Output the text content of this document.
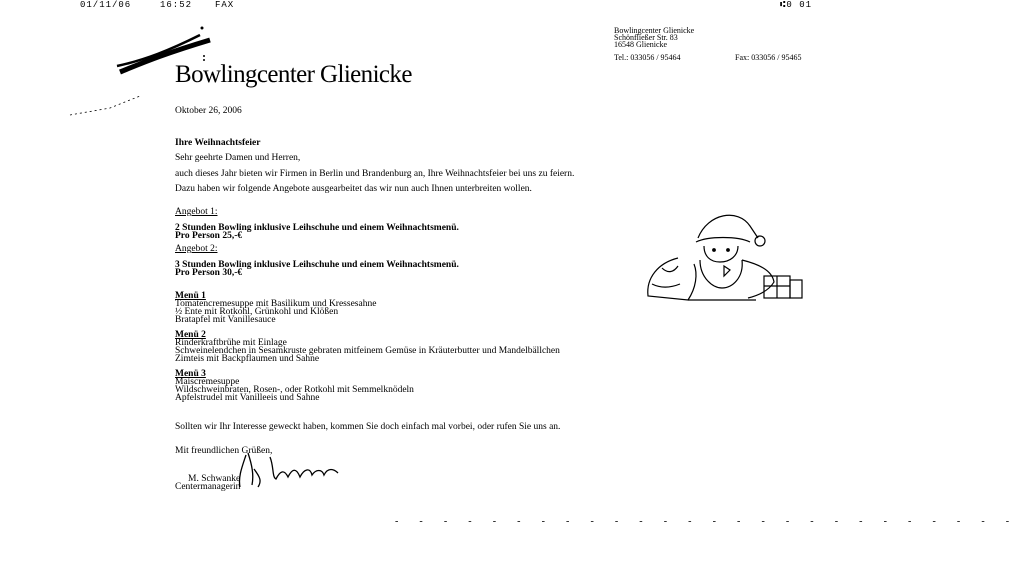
01/11/06	16:52	FAX	⑆0 01
Bowlingcenter Glienicke
Schönfließer Str. 83
16548 Glienicke
Tel.: 033056 / 95464	Fax: 033056 / 95465
Bowlingcenter Glienicke
Oktober 26, 2006
Ihre Weihnachtsfeier
Sehr geehrte Damen und Herren,
auch dieses Jahr bieten wir Firmen in Berlin und Brandenburg an, Ihre Weihnachtsfeier bei uns zu feiern.
Dazu haben wir folgende Angebote ausgearbeitet das wir nun auch Ihnen unterbreiten wollen.
Angebot 1:
2 Stunden Bowling inklusive Leihschuhe und einem Weihnachtsmenü.
Pro Person 25,-€
Angebot 2:
3 Stunden Bowling inklusive Leihschuhe und einem Weihnachtsmenü.
Pro Person 30,-€
Menü 1
Tomatencremesuppe mit Basilikum und Kressesahne
½ Ente mit Rotkohl, Grünkohl und Klößen
Bratapfel mit Vanillesauce
Menü 2
Rinderkraftbrühe mit Einlage
Schweinelendchen in Sesamkruste gebraten mitfeinem Gemüse in Kräuterbutter und Mandelbällchen
Zimteis mit Backpflaumen und Sahne
Menü 3
Maiscremesuppe
Wildschweinbraten, Rosen-, oder Rotkohl mit Semmelknödeln
Apfelstrudel mit Vanilleeis und Sahne
Sollten wir Ihr Interesse geweckt haben, kommen Sie doch einfach mal vorbei, oder rufen Sie uns an.
Mit freundlichen Grüßen,
M. Schwanke
Centermanagerin
- - - - - - - - - - - - - - - - - - - - - - - - - -
